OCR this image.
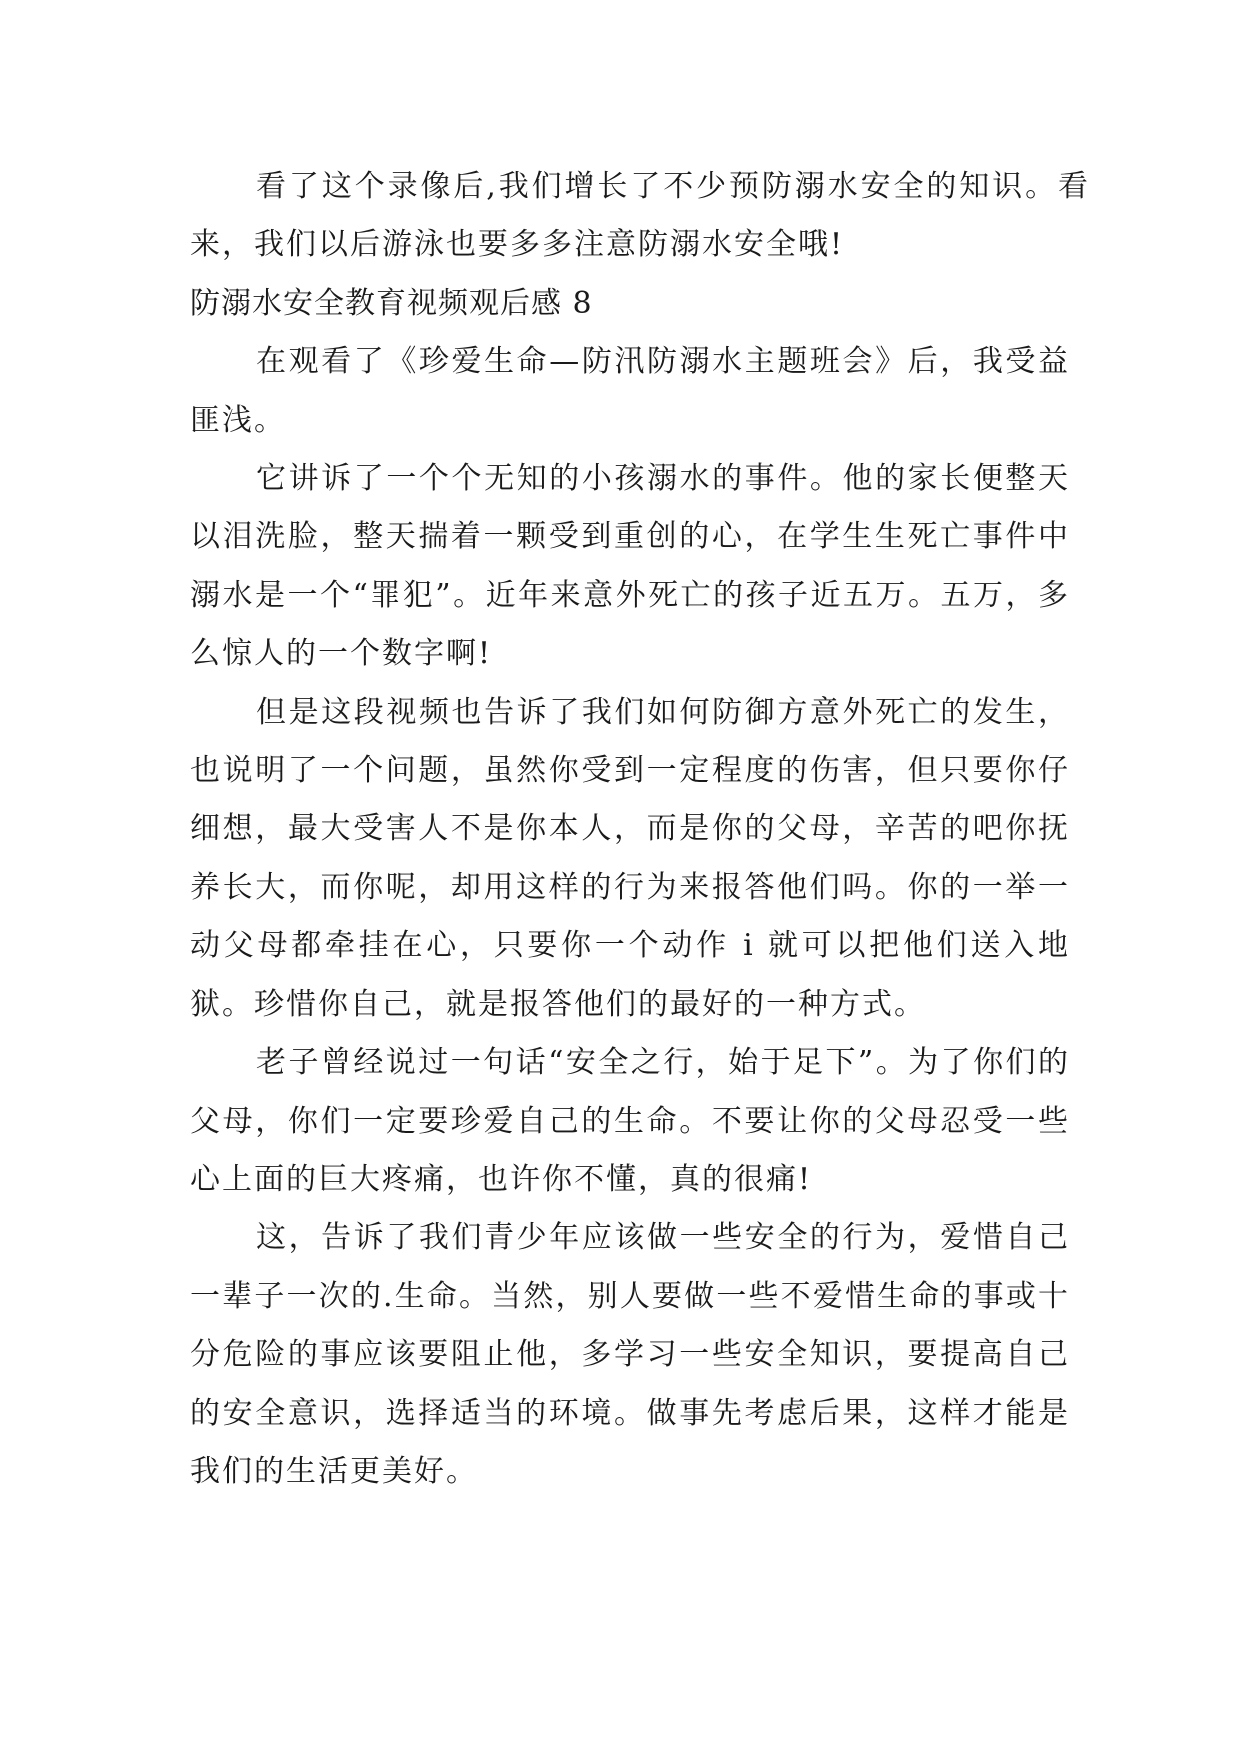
看了这个录像后,我们增长了不少预防溺水安全的知识。看来，我们以后游泳也要多多注意防溺水安全哦!

防溺水安全教育视频观后感 8

在观看了《珍爱生命—防汛防溺水主题班会》后，我受益匪浅。

它讲诉了一个个无知的小孩溺水的事件。他的家长便整天以泪洗脸，整天揣着一颗受到重创的心，在学生生死亡事件中溺水是一个“罪犯”。近年来意外死亡的孩子近五万。五万，多么惊人的一个数字啊!

但是这段视频也告诉了我们如何防御方意外死亡的发生，也说明了一个问题，虽然你受到一定程度的伤害，但只要你仔细想，最大受害人不是你本人，而是你的父母，辛苦的吧你抚养长大，而你呢，却用这样的行为来报答他们吗。你的一举一动父母都牵挂在心，只要你一个动作 i 就可以把他们送入地狱。珍惜你自己，就是报答他们的最好的一种方式。

老子曾经说过一句话“安全之行，始于足下”。为了你们的父母，你们一定要珍爱自己的生命。不要让你的父母忍受一些心上面的巨大疼痛，也许你不懂，真的很痛!

这，告诉了我们青少年应该做一些安全的行为，爱惜自己一辈子一次的.生命。当然，别人要做一些不爱惜生命的事或十分危险的事应该要阻止他，多学习一些安全知识，要提高自己的安全意识，选择适当的环境。做事先考虑后果，这样才能是我们的生活更美好。
